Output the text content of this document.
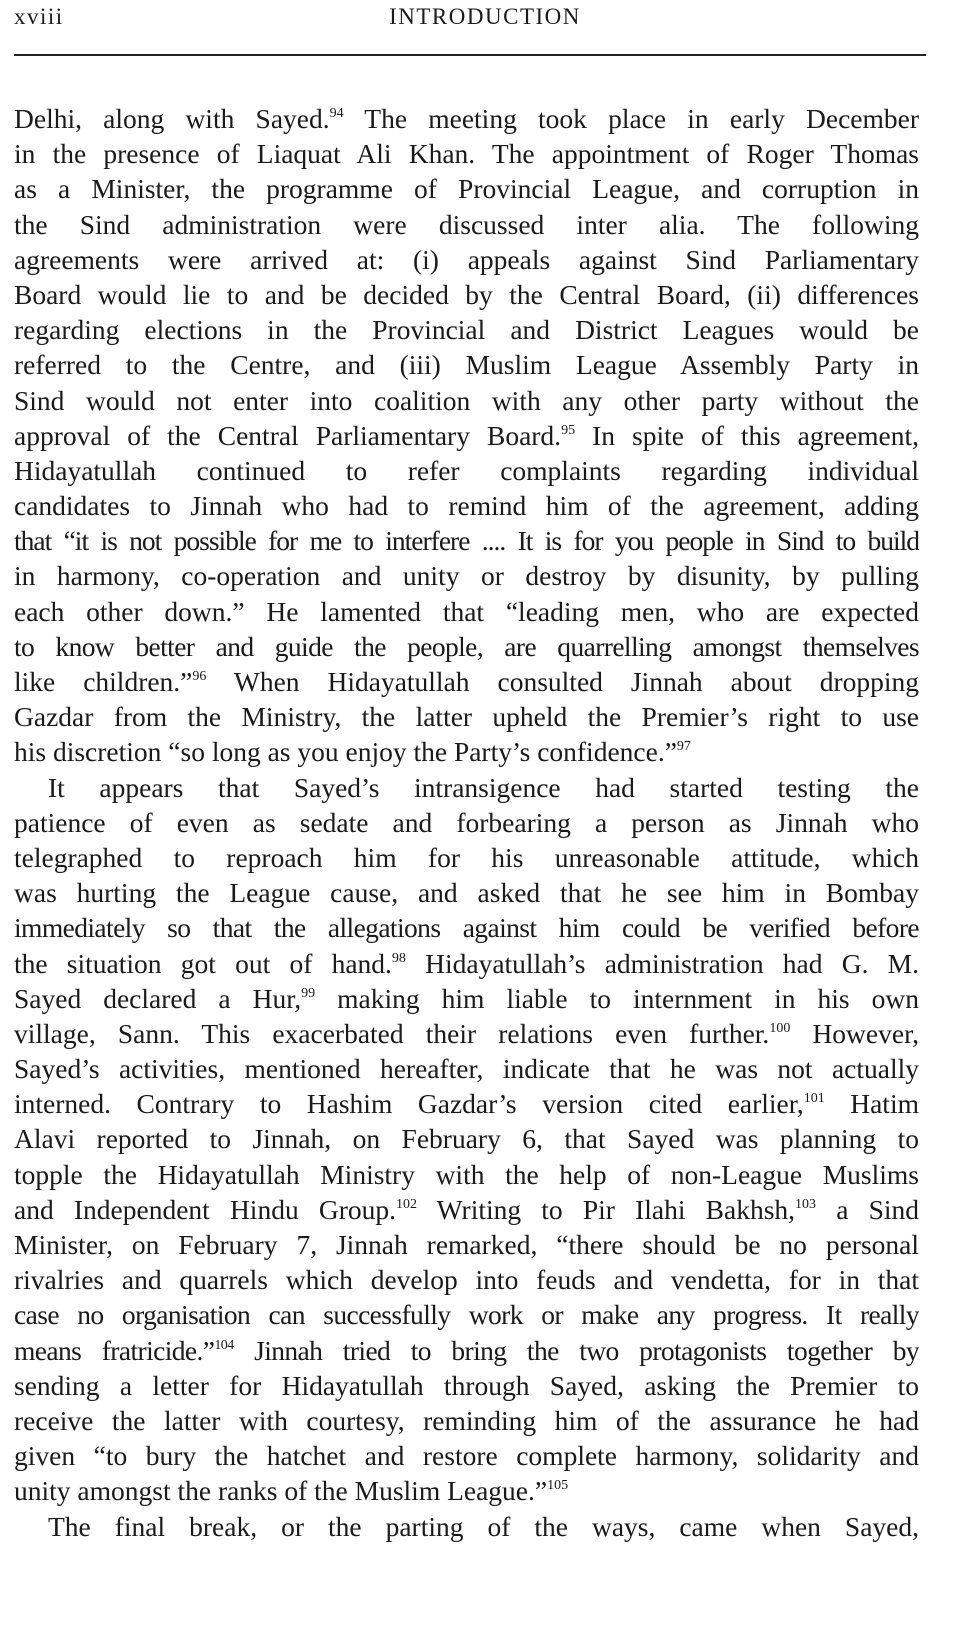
xviii	INTRODUCTION
Delhi, along with Sayed.$^{94}$ The meeting took place in early December
in the presence of Liaquat Ali Khan. The appointment of Roger Thomas
as a Minister, the programme of Provincial League, and corruption in
the Sind administration were discussed inter alia. The following
agreements were arrived at: (i) appeals against Sind Parliamentary
Board would lie to and be decided by the Central Board, (ii) differences
regarding elections in the Provincial and District Leagues would be
referred to the Centre, and (iii) Muslim League Assembly Party in
Sind would not enter into coalition with any other party without the
approval of the Central Parliamentary Board.$^{95}$ In spite of this agreement,
Hidayatullah continued to refer complaints regarding individual
candidates to Jinnah who had to remind him of the agreement, adding
that “it is not possible for me to interfere .... It is for you people in Sind to build
in harmony, co-operation and unity or destroy by disunity, by pulling
each other down.” He lamented that “leading men, who are expected
to know better and guide the people, are quarrelling amongst themselves
like children.”$^{96}$ When Hidayatullah consulted Jinnah about dropping
Gazdar from the Ministry, the latter upheld the Premier’s right to use
his discretion “so long as you enjoy the Party’s confidence.”$^{97}$
It appears that Sayed’s intransigence had started testing the
patience of even as sedate and forbearing a person as Jinnah who
telegraphed to reproach him for his unreasonable attitude, which
was hurting the League cause, and asked that he see him in Bombay
immediately so that the allegations against him could be verified before
the situation got out of hand.$^{98}$ Hidayatullah’s administration had G. M.
Sayed declared a Hur,$^{99}$ making him liable to internment in his own
village, Sann. This exacerbated their relations even further.$^{100}$ However,
Sayed’s activities, mentioned hereafter, indicate that he was not actually
interned. Contrary to Hashim Gazdar’s version cited earlier,$^{101}$ Hatim
Alavi reported to Jinnah, on February 6, that Sayed was planning to
topple the Hidayatullah Ministry with the help of non-League Muslims
and Independent Hindu Group.$^{102}$ Writing to Pir Ilahi Bakhsh,$^{103}$ a Sind
Minister, on February 7, Jinnah remarked, “there should be no personal
rivalries and quarrels which develop into feuds and vendetta, for in that
case no organisation can successfully work or make any progress. It really
means fratricide.”$^{104}$ Jinnah tried to bring the two protagonists together by
sending a letter for Hidayatullah through Sayed, asking the Premier to
receive the latter with courtesy, reminding him of the assurance he had
given “to bury the hatchet and restore complete harmony, solidarity and
unity amongst the ranks of the Muslim League.”$^{105}$
The final break, or the parting of the ways, came when Sayed,
